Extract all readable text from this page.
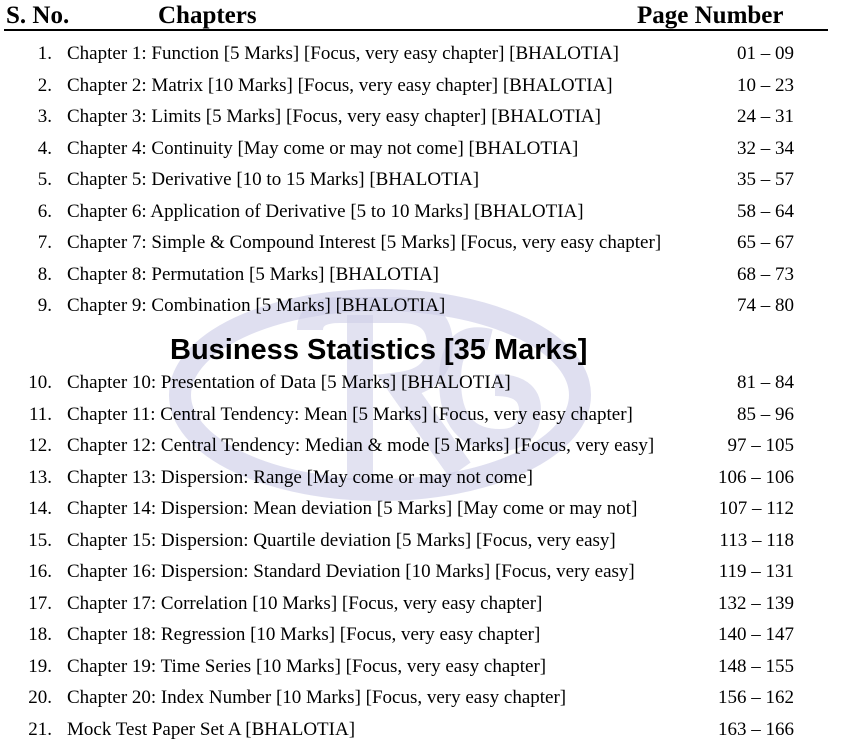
S. No.	Chapters	Page Number
1. Chapter 1: Function [5 Marks] [Focus, very easy chapter] [BHALOTIA]	01 – 09
2. Chapter 2: Matrix [10 Marks] [Focus, very easy chapter] [BHALOTIA]	10 – 23
3. Chapter 3: Limits [5 Marks] [Focus, very easy chapter] [BHALOTIA]	24 – 31
4. Chapter 4: Continuity [May come or may not come] [BHALOTIA]	32 – 34
5. Chapter 5: Derivative [10 to 15 Marks] [BHALOTIA]	35 – 57
6. Chapter 6: Application of Derivative [5 to 10 Marks] [BHALOTIA]	58 – 64
7. Chapter 7: Simple & Compound Interest [5 Marks] [Focus, very easy chapter]	65 – 67
8. Chapter 8: Permutation [5 Marks] [BHALOTIA]	68 – 73
9. Chapter 9: Combination [5 Marks] [BHALOTIA]	74 – 80
Business Statistics [35 Marks]
10. Chapter 10: Presentation of Data [5 Marks] [BHALOTIA]	81 – 84
11. Chapter 11: Central Tendency: Mean [5 Marks] [Focus, very easy chapter]	85 – 96
12. Chapter 12: Central Tendency: Median & mode [5 Marks] [Focus, very easy]	97 – 105
13. Chapter 13: Dispersion: Range [May come or may not come]	106 – 106
14. Chapter 14: Dispersion: Mean deviation [5 Marks] [May come or may not]	107 – 112
15. Chapter 15: Dispersion: Quartile deviation [5 Marks] [Focus, very easy]	113 – 118
16. Chapter 16: Dispersion: Standard Deviation [10 Marks] [Focus, very easy]	119 – 131
17. Chapter 17: Correlation [10 Marks] [Focus, very easy chapter]	132 – 139
18. Chapter 18: Regression [10 Marks] [Focus, very easy chapter]	140 – 147
19. Chapter 19: Time Series [10 Marks] [Focus, very easy chapter]	148 – 155
20. Chapter 20: Index Number [10 Marks] [Focus, very easy chapter]	156 – 162
21. Mock Test Paper Set A [BHALOTIA]	163 – 166
